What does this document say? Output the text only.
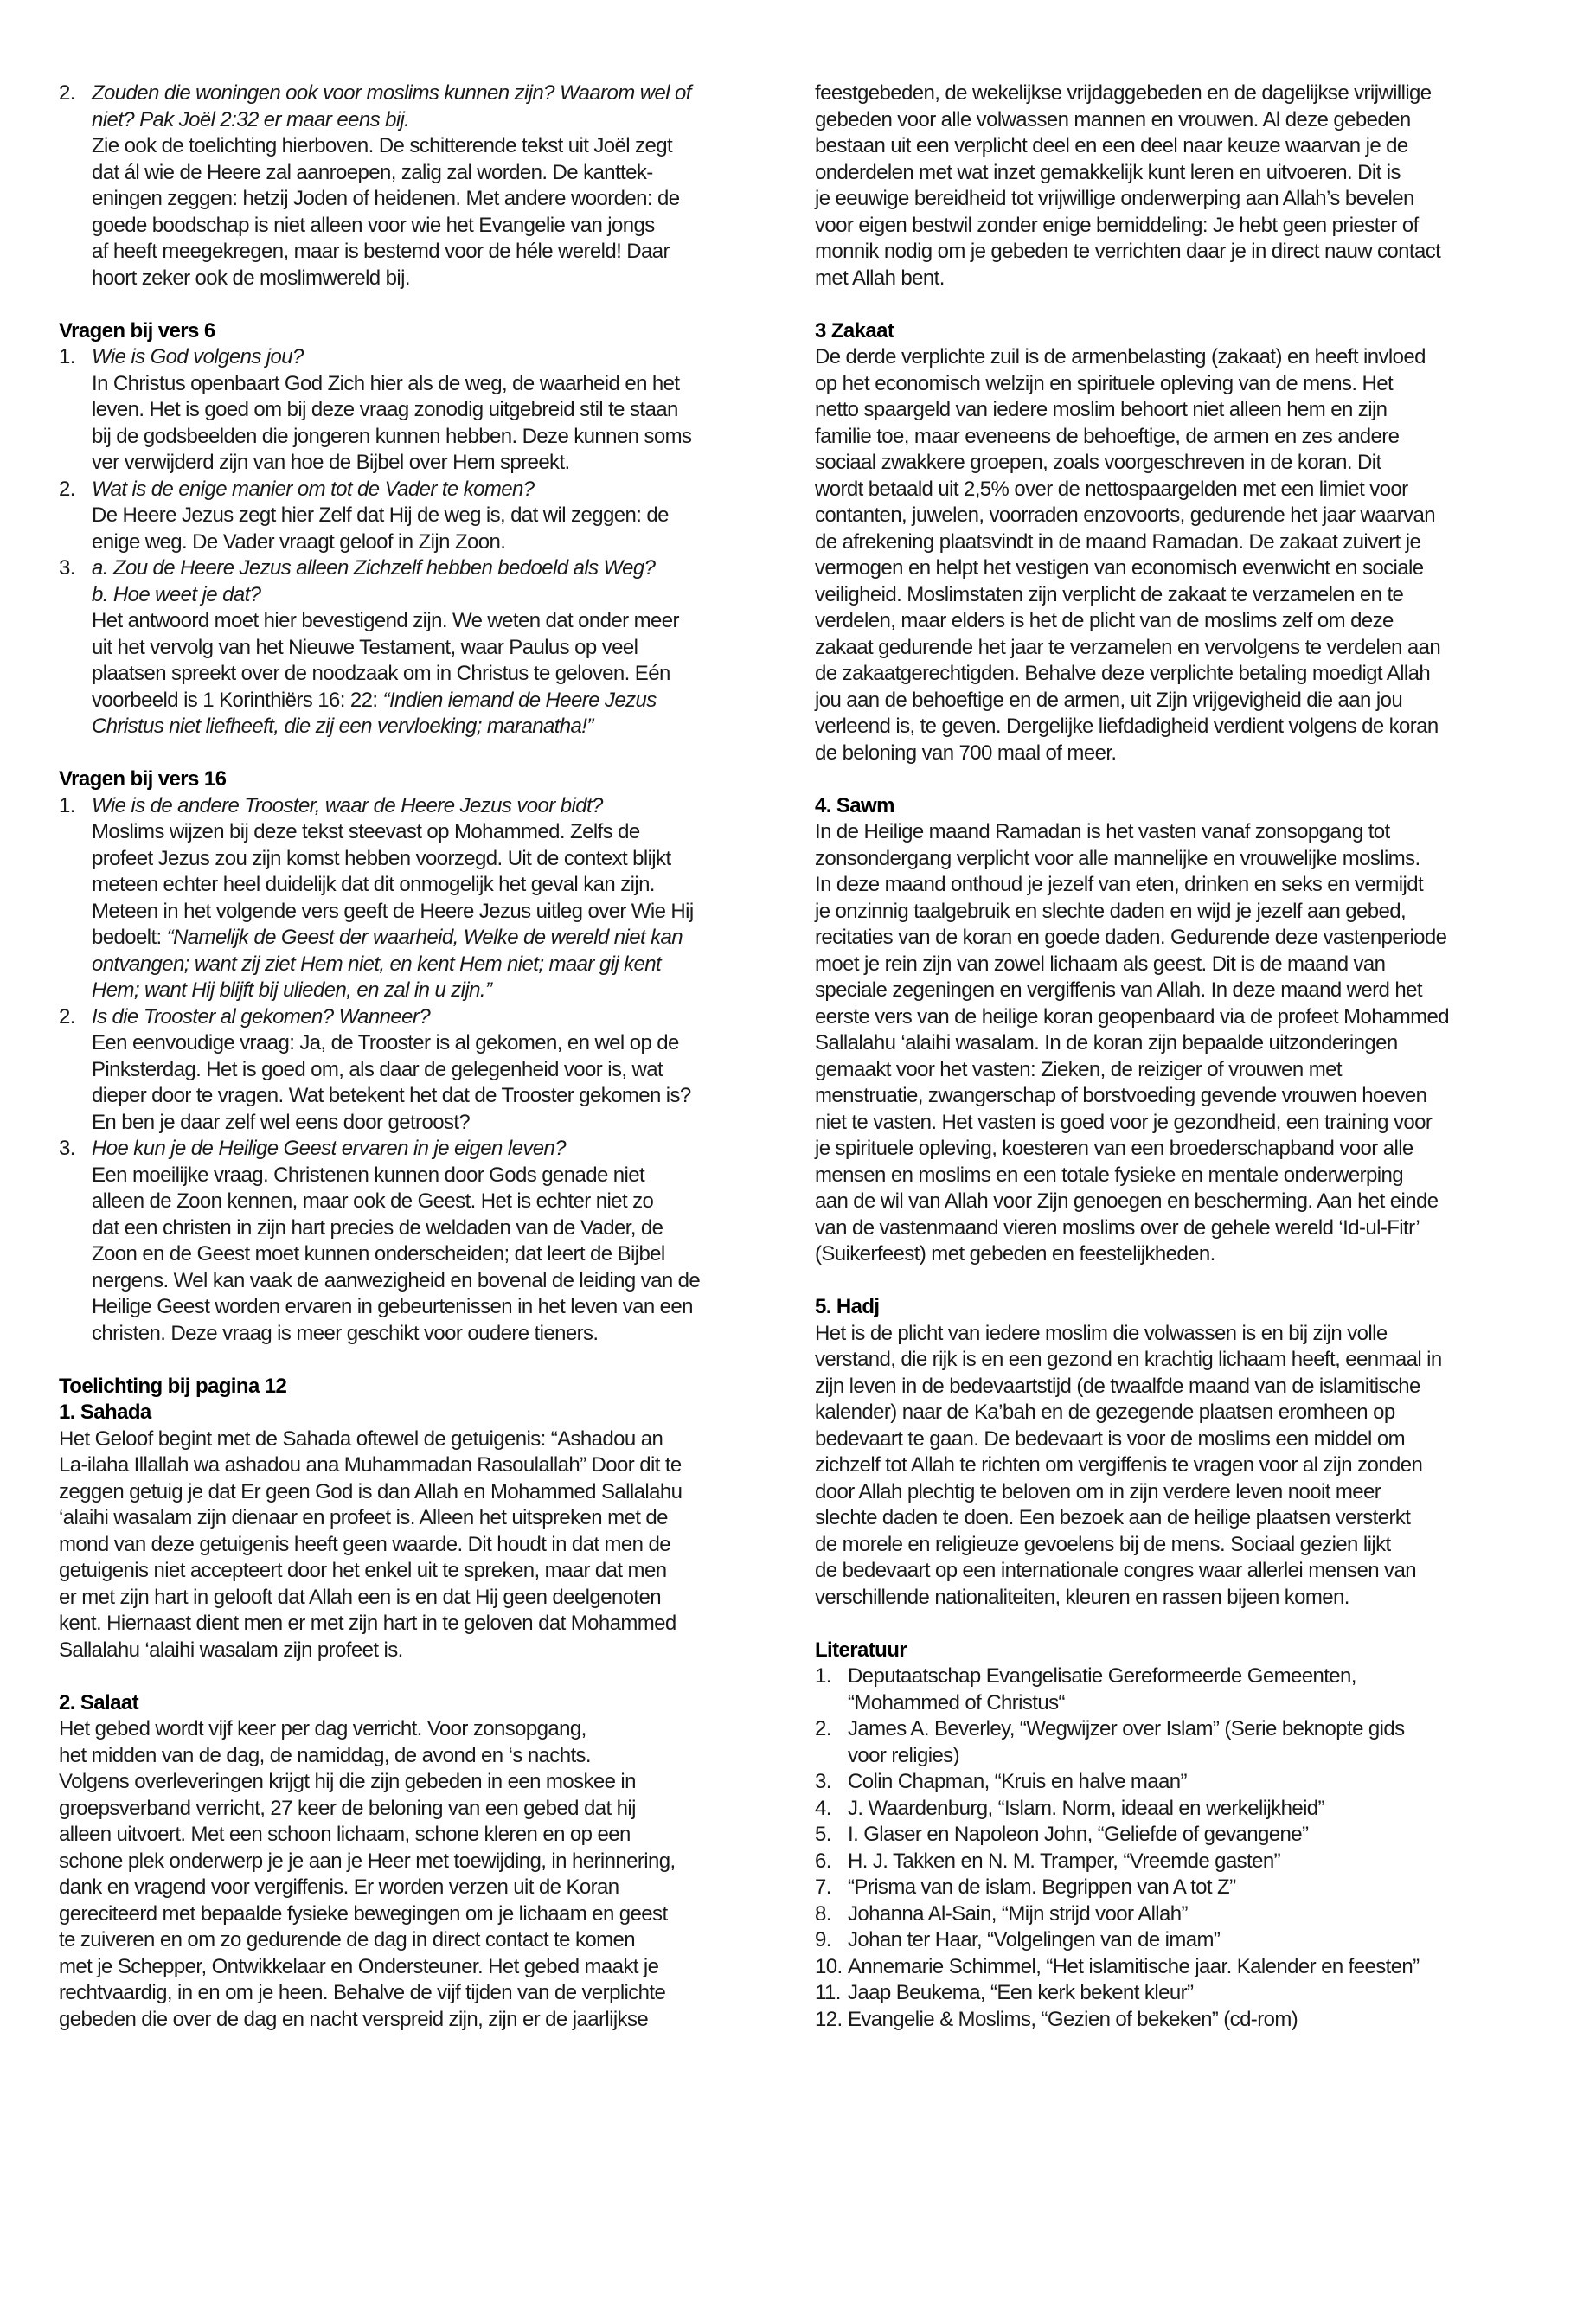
2. Zouden die woningen ook voor moslims kunnen zijn? Waarom wel of
niet? Pak Joël 2:32 er maar eens bij.
Zie ook de toelichting hierboven. De schitterende tekst uit Joël zegt
dat ál wie de Heere zal aanroepen, zalig zal worden. De kanttek-
eningen zeggen: hetzij Joden of heidenen. Met andere woorden: de
goede boodschap is niet alleen voor wie het Evangelie van jongs
af heeft meegekregen, maar is bestemd voor de héle wereld! Daar
hoort zeker ook de moslimwereld bij.
Vragen bij vers 6
1. Wie is God volgens jou?
In Christus openbaart God Zich hier als de weg, de waarheid en het
leven. Het is goed om bij deze vraag zonodig uitgebreid stil te staan
bij de godsbeelden die jongeren kunnen hebben. Deze kunnen soms
ver verwijderd zijn van hoe de Bijbel over Hem spreekt.
2. Wat is de enige manier om tot de Vader te komen?
De Heere Jezus zegt hier Zelf dat Hij de weg is, dat wil zeggen: de
enige weg. De Vader vraagt geloof in Zijn Zoon.
3. a. Zou de Heere Jezus alleen Zichzelf hebben bedoeld als Weg?
b. Hoe weet je dat?
Het antwoord moet hier bevestigend zijn. We weten dat onder meer
uit het vervolg van het Nieuwe Testament, waar Paulus op veel
plaatsen spreekt over de noodzaak om in Christus te geloven. Eén
voorbeeld is 1 Korinthiërs 16: 22: “Indien iemand de Heere Jezus
Christus niet liefheeft, die zij een vervloeking; maranatha!”
Vragen bij vers 16
1. Wie is de andere Trooster, waar de Heere Jezus voor bidt?
Moslims wijzen bij deze tekst steevast op Mohammed. Zelfs de
profeet Jezus zou zijn komst hebben voorzegd. Uit de context blijkt
meteen echter heel duidelijk dat dit onmogelijk het geval kan zijn.
Meteen in het volgende vers geeft de Heere Jezus uitleg over Wie Hij
bedoelt: “Namelijk de Geest der waarheid, Welke de wereld niet kan
ontvangen; want zij ziet Hem niet, en kent Hem niet; maar gij kent
Hem; want Hij blijft bij ulieden, en zal in u zijn.”
2. Is die Trooster al gekomen? Wanneer?
Een eenvoudige vraag: Ja, de Trooster is al gekomen, en wel op de
Pinksterdag. Het is goed om, als daar de gelegenheid voor is, wat
dieper door te vragen. Wat betekent het dat de Trooster gekomen is?
En ben je daar zelf wel eens door getroost?
3. Hoe kun je de Heilige Geest ervaren in je eigen leven?
Een moeilijke vraag. Christenen kunnen door Gods genade niet
alleen de Zoon kennen, maar ook de Geest. Het is echter niet zo
dat een christen in zijn hart precies de weldaden van de Vader, de
Zoon en de Geest moet kunnen onderscheiden; dat leert de Bijbel
nergens. Wel kan vaak de aanwezigheid en bovenal de leiding van de
Heilige Geest worden ervaren in gebeurtenissen in het leven van een
christen. Deze vraag is meer geschikt voor oudere tieners.
Toelichting bij pagina 12
1. Sahada
Het Geloof begint met de Sahada oftewel de getuigenis: “Ashadou an
La-ilaha Illallah wa ashadou ana Muhammadan Rasoulallah” Door dit te
zeggen getuig je dat Er geen God is dan Allah en Mohammed Sallalahu
‘alaihi wasalam zijn dienaar en profeet is. Alleen het uitspreken met de
mond van deze getuigenis heeft geen waarde. Dit houdt in dat men de
getuigenis niet accepteert door het enkel uit te spreken, maar dat men
er met zijn hart in gelooft dat Allah een is en dat Hij geen deelgenoten
kent. Hiernaast dient men er met zijn hart in te geloven dat Mohammed
Sallalahu ‘alaihi wasalam zijn profeet is.
2. Salaat
Het gebed wordt vijf keer per dag verricht. Voor zonsopgang,
het midden van de dag, de namiddag, de avond en ‘s nachts.
Volgens overleveringen krijgt hij die zijn gebeden in een moskee in
groepsverband verricht, 27 keer de beloning van een gebed dat hij
alleen uitvoert. Met een schoon lichaam, schone kleren en op een
schone plek onderwerp je je aan je Heer met toewijding, in herinnering,
dank en vragend voor vergiffenis. Er worden verzen uit de Koran
gereciteerd met bepaalde fysieke bewegingen om je lichaam en geest
te zuiveren en om zo gedurende de dag in direct contact te komen
met je Schepper, Ontwikkelaar en Ondersteuner. Het gebed maakt je
rechtvaardig, in en om je heen. Behalve de vijf tijden van de verplichte
gebeden die over de dag en nacht verspreid zijn, zijn er de jaarlijkse
feestgebeden, de wekelijkse vrijdaggebeden en de dagelijkse vrijwillige
gebeden voor alle volwassen mannen en vrouwen. Al deze gebeden
bestaan uit een verplicht deel en een deel naar keuze waarvan je de
onderdelen met wat inzet gemakkelijk kunt leren en uitvoeren. Dit is
je eeuwige bereidheid tot vrijwillige onderwerping aan Allah’s bevelen
voor eigen bestwil zonder enige bemiddeling: Je hebt geen priester of
monnik nodig om je gebeden te verrichten daar je in direct nauw contact
met Allah bent.
3 Zakaat
De derde verplichte zuil is de armenbelasting (zakaat) en heeft invloed
op het economisch welzijn en spirituele opleving van de mens. Het
netto spaargeld van iedere moslim behoort niet alleen hem en zijn
familie toe, maar eveneens de behoeftige, de armen en zes andere
sociaal zwakkere groepen, zoals voorgeschreven in de koran. Dit
wordt betaald uit 2,5% over de nettospaargelden met een limiet voor
contanten, juwelen, voorraden enzovoorts, gedurende het jaar waarvan
de afrekening plaatsvindt in de maand Ramadan. De zakaat zuivert je
vermogen en helpt het vestigen van economisch evenwicht en sociale
veiligheid. Moslimstaten zijn verplicht de zakaat te verzamelen en te
verdelen, maar elders is het de plicht van de moslims zelf om deze
zakaat gedurende het jaar te verzamelen en vervolgens te verdelen aan
de zakaatgerechtigden. Behalve deze verplichte betaling moedigt Allah
jou aan de behoeftige en de armen, uit Zijn vrijgevigheid die aan jou
verleend is, te geven. Dergelijke liefdadigheid verdient volgens de koran
de beloning van 700 maal of meer.
4. Sawm
In de Heilige maand Ramadan is het vasten vanaf zonsopgang tot
zonsondergang verplicht voor alle mannelijke en vrouwelijke moslims.
In deze maand onthoud je jezelf van eten, drinken en seks en vermijdt
je onzinnig taalgebruik en slechte daden en wijd je jezelf aan gebed,
recitaties van de koran en goede daden. Gedurende deze vastenperiode
moet je rein zijn van zowel lichaam als geest. Dit is de maand van
speciale zegeningen en vergiffenis van Allah. In deze maand werd het
eerste vers van de heilige koran geopenbaard via de profeet Mohammed
Sallalahu ‘alaihi wasalam. In de koran zijn bepaalde uitzonderingen
gemaakt voor het vasten: Zieken, de reiziger of vrouwen met
menstruatie, zwangerschap of borstvoeding gevende vrouwen hoeven
niet te vasten. Het vasten is goed voor je gezondheid, een training voor
je spirituele opleving, koesteren van een broederschapband voor alle
mensen en moslims en een totale fysieke en mentale onderwerping
aan de wil van Allah voor Zijn genoegen en bescherming. Aan het einde
van de vastenmaand vieren moslims over de gehele wereld ‘Id-ul-Fitr’
(Suikerfeest) met gebeden en feestelijkheden.
5. Hadj
Het is de plicht van iedere moslim die volwassen is en bij zijn volle
verstand, die rijk is en een gezond en krachtig lichaam heeft, eenmaal in
zijn leven in de bedevaartstijd (de twaalfde maand van de islamitische
kalender) naar de Ka’bah en de gezegende plaatsen eromheen op
bedevaart te gaan. De bedevaart is voor de moslims een middel om
zichzelf tot Allah te richten om vergiffenis te vragen voor al zijn zonden
door Allah plechtig te beloven om in zijn verdere leven nooit meer
slechte daden te doen. Een bezoek aan de heilige plaatsen versterkt
de morele en religieuze gevoelens bij de mens. Sociaal gezien lijkt
de bedevaart op een internationale congres waar allerlei mensen van
verschillende nationaliteiten, kleuren en rassen bijeen komen.
Literatuur
1. Deputaatschap Evangelisatie Gereformeerde Gemeenten,
“Mohammed of Christus“
2. James A. Beverley, “Wegwijzer over Islam” (Serie beknopte gids
voor religies)
3. Colin Chapman, “Kruis en halve maan”
4. J. Waardenburg, “Islam. Norm, ideaal en werkelijkheid”
5. I. Glaser en Napoleon John, “Geliefde of gevangene”
6. H. J. Takken en N. M. Tramper, “Vreemde gasten”
7. “Prisma van de islam. Begrippen van A tot Z”
8. Johanna Al-Sain, “Mijn strijd voor Allah”
9. Johan ter Haar, “Volgelingen van de imam”
10. Annemarie Schimmel, “Het islamitische jaar. Kalender en feesten”
11. Jaap Beukema, “Een kerk bekent kleur”
12. Evangelie & Moslims, “Gezien of bekeken” (cd-rom)
